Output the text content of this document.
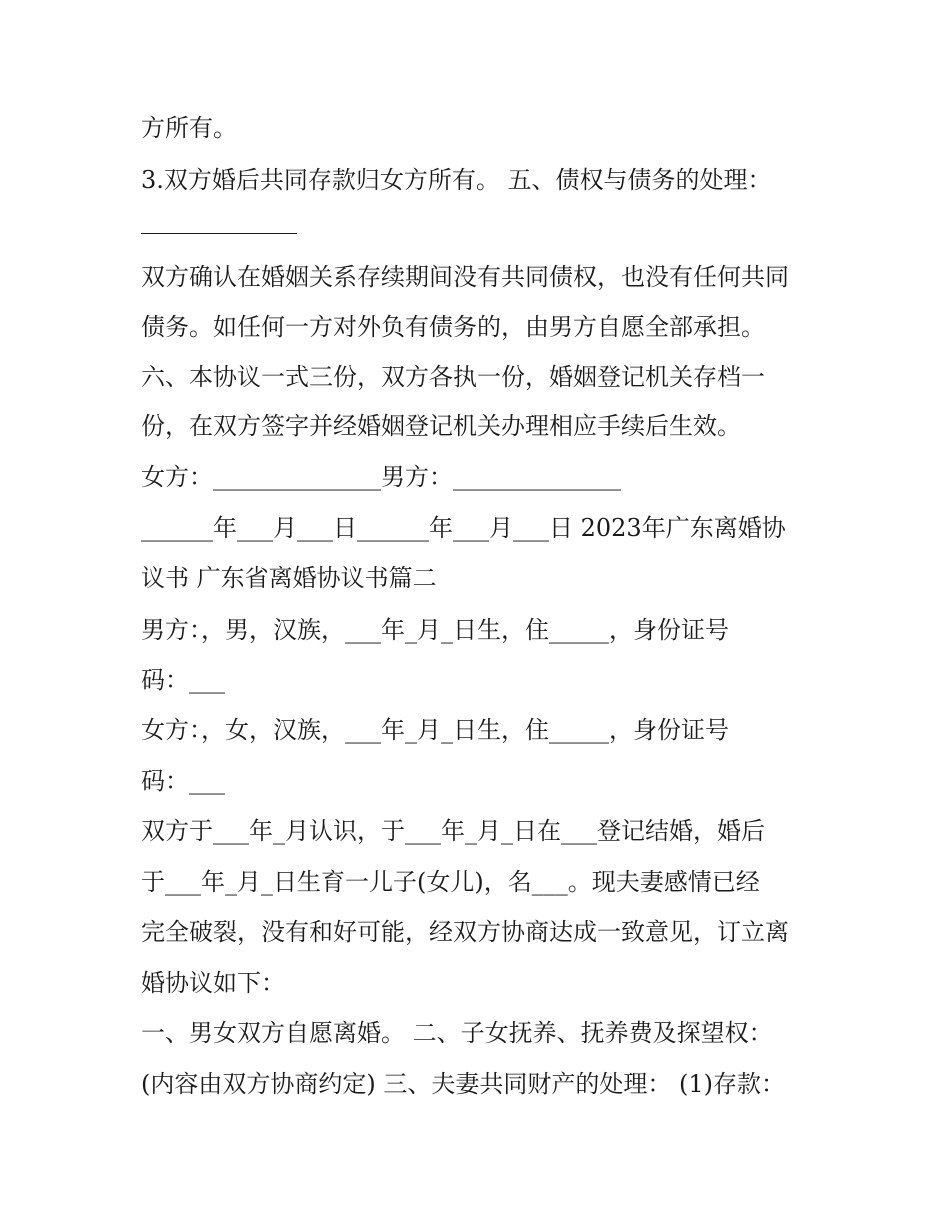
方所有。
3.双方婚后共同存款归女方所有。 五、债权与债务的处理：
双方确认在婚姻关系存续期间没有共同债权，也没有任何共同
债务。如任何一方对外负有债务的，由男方自愿全部承担。
六、本协议一式三份，双方各执一份，婚姻登记机关存档一
份，在双方签字并经婚姻登记机关办理相应手续后生效。
女方：______________男方：______________
______年___月___日______年___月___日 2023年广东离婚协
议书 广东省离婚协议书篇二
男方：，男，汉族，___年_月_日生，住_____，身份证号
码：___
女方：，女，汉族，___年_月_日生，住_____，身份证号
码：___
双方于___年_月认识，于___年_月_日在___登记结婚，婚后
于___年_月_日生育一儿子(女儿)，名___。现夫妻感情已经
完全破裂，没有和好可能，经双方协商达成一致意见，订立离
婚协议如下：
一、男女双方自愿离婚。 二、子女抚养、抚养费及探望权：
(内容由双方协商约定) 三、夫妻共同财产的处理： (1)存款：
